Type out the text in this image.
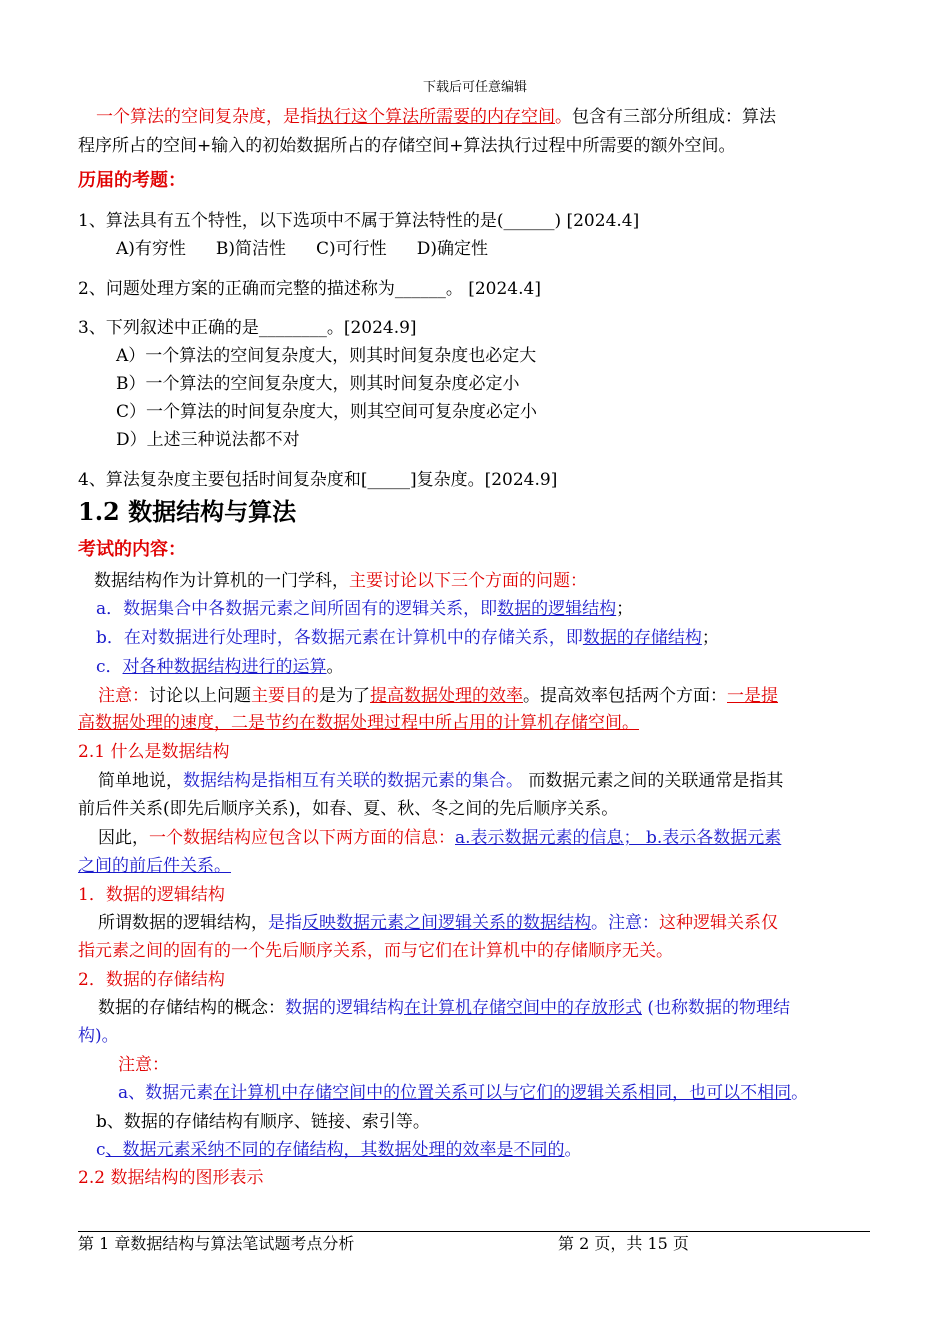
下载后可任意编辑
一个算法的空间复杂度，是指执行这个算法所需要的内存空间。包含有三部分所组成：算法
程序所占的空间+输入的初始数据所占的存储空间+算法执行过程中所需要的额外空间。
历届的考题：
1、算法具有五个特性，以下选项中不属于算法特性的是(______) [2024.4]
A)有穷性 B)简洁性 C)可行性 D)确定性
2、问题处理方案的正确而完整的描述称为______。 [2024.4]
3、下列叙述中正确的是________。[2024.9]
A）一个算法的空间复杂度大，则其时间复杂度也必定大
B）一个算法的空间复杂度大，则其时间复杂度必定小
C）一个算法的时间复杂度大，则其空间可复杂度必定小
D）上述三种说法都不对
4、算法复杂度主要包括时间复杂度和[_____]复杂度。[2024.9]
1.2 数据结构与算法
考试的内容：
数据结构作为计算机的一门学科，主要讨论以下三个方面的问题：
a．数据集合中各数据元素之间所固有的逻辑关系，即数据的逻辑结构；
b．在对数据进行处理时，各数据元素在计算机中的存储关系，即数据的存储结构；
c．对各种数据结构进行的运算。
注意：讨论以上问题主要目的是为了提高数据处理的效率。提高效率包括两个方面：一是提
高数据处理的速度，二是节约在数据处理过程中所占用的计算机存储空间。
2.1 什么是数据结构
简单地说，数据结构是指相互有关联的数据元素的集合。 而数据元素之间的关联通常是指其
前后件关系(即先后顺序关系)，如春、夏、秋、冬之间的先后顺序关系。
因此，一个数据结构应包含以下两方面的信息：a.表示数据元素的信息； b.表示各数据元素
之间的前后件关系。
1．数据的逻辑结构
所谓数据的逻辑结构，是指反映数据元素之间逻辑关系的数据结构。注意：这种逻辑关系仅
指元素之间的固有的一个先后顺序关系，而与它们在计算机中的存储顺序无关。
2．数据的存储结构
数据的存储结构的概念：数据的逻辑结构在计算机存储空间中的存放形式 (也称数据的物理结
构)。
注意：
a、数据元素在计算机中存储空间中的位置关系可以与它们的逻辑关系相同，也可以不相同。
b、数据的存储结构有顺序、链接、索引等。
c、数据元素采纳不同的存储结构，其数据处理的效率是不同的。
2.2 数据结构的图形表示
第 1 章数据结构与算法笔试题考点分析	第 2 页，共 15 页
